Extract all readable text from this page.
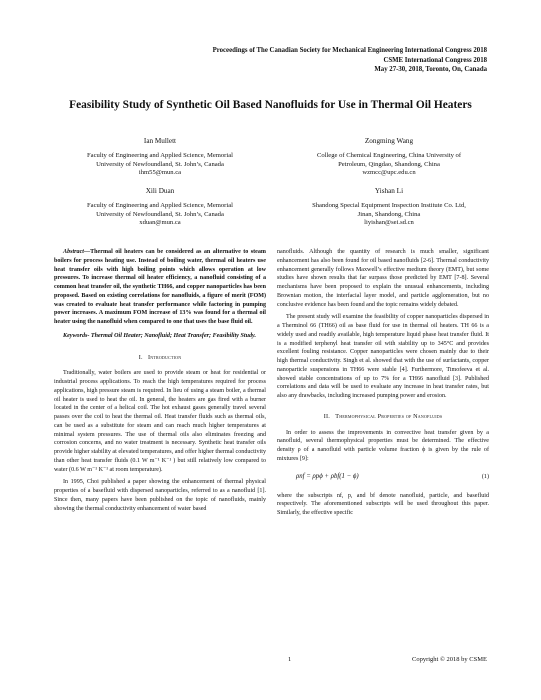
Proceedings of The Canadian Society for Mechanical Engineering International Congress 2018
CSME International Congress 2018
May 27-30, 2018, Toronto, On, Canada
Feasibility Study of Synthetic Oil Based Nanofluids for Use in Thermal Oil Heaters
Ian Mullett
Faculty of Engineering and Applied Science, Memorial
University of Newfoundland, St. John’s, Canada
ihm55@mun.ca
Zongming Wang
College of Chemical Engineering, China University of
Petroleum, Qingdao, Shandong, China
wzmcc@upc.edu.cn
Xili Duan
Faculty of Engineering and Applied Science, Memorial
University of Newfoundland, St. John’s, Canada
xduan@mun.ca
Yishan Li
Shandong Special Equipment Inspection Institute Co. Ltd,
Jinan, Shandong, China
liyishan@sei.sd.cn

Abstract—Thermal oil heaters can be considered as an alternative to steam boilers for process heating use. Instead of boiling water, thermal oil heaters use heat transfer oils with high boiling points which allows operation at low pressures. To increase thermal oil heater efficiency, a nanofluid consisting of a common heat transfer oil, the synthetic TH66, and copper nanoparticles has been proposed. Based on existing correlations for nanofluids, a figure of merit (FOM) was created to evaluate heat transfer performance while factoring in pumping power increases. A maximum FOM increase of 13% was found for a thermal oil heater using the nanofluid when compared to one that uses the base fluid oil.

Keywords- Thermal Oil Heater; Nanofluid; Heat Transfer; Feasibility Study.

I. Introduction

Traditionally, water boilers are used to provide steam or heat for residential or industrial process applications. To reach the high temperatures required for process applications, high pressure steam is required. In lieu of using a steam boiler, a thermal oil heater is used to heat the oil. In general, the heaters are gas fired with a burner located in the center of a helical coil. The hot exhaust gases generally travel several passes over the coil to heat the thermal oil. Heat transfer fluids such as thermal oils, can be used as a substitute for steam and can reach much higher temperatures at minimal system pressures. The use of thermal oils also eliminates freezing and corrosion concerns, and no water treatment is necessary. Synthetic heat transfer oils provide higher stability at elevated temperatures, and offer higher thermal conductivity than other heat transfer fluids (0.1 W m⁻¹ K⁻¹ ) but still relatively low compared to water (0.6 W m⁻¹ K⁻¹ at room temperature).

In 1995, Choi published a paper showing the enhancement of thermal physical properties of a basefluid with dispersed nanoparticles, referred to as a nanofluid [1]. Since then, many papers have been published on the topic of nanofluids, mainly showing the thermal conductivity enhancement of water based

nanofluids. Although the quantity of research is much smaller, significant enhancement has also been found for oil based nanofluids [2-6]. Thermal conductivity enhancement generally follows Maxwell’s effective medium theory (EMT), but some studies have shown results that far surpass those predicted by EMT [7-8]. Several mechanisms have been proposed to explain the unusual enhancements, including Brownian motion, the interfacial layer model, and particle agglomeration, but no conclusive evidence has been found and the topic remains widely debated.

The present study will examine the feasibility of copper nanoparticles dispersed in a Therminol 66 (TH66) oil as base fluid for use in thermal oil heaters. TH 66 is a widely used and readily available, high temperature liquid phase heat transfer fluid. It is a modified terphenyl heat transfer oil with stability up to 345°C and provides excellent fouling resistance. Copper nanoparticles were chosen mainly due to their high thermal conductivity. Singh et al. showed that with the use of surfactants, copper nanoparticle suspensions in TH66 were stable [4]. Furthermore, Timofeeva et al. showed stable concentrations of up to 7% for a TH66 nanofluid [3]. Published correlations and data will be used to evaluate any increase in heat transfer rates, but also any drawbacks, including increased pumping power and erosion.

II. Thermophysical Properties of Nanofluids

In order to assess the improvements in convective heat transfer given by a nanofluid, several thermophysical properties must be determined. The effective density ρ of a nanofluid with particle volume fraction ϕ is given by the rule of mixtures [9]:

ρnf = ρpϕ + ρbf(1 − ϕ)	(1)

where the subscripts nf, p, and bf denote nanofluid, particle, and basefluid respectively. The aforementioned subscripts will be used throughout this paper. Similarly, the effective specific

1	Copyright © 2018 by CSME
